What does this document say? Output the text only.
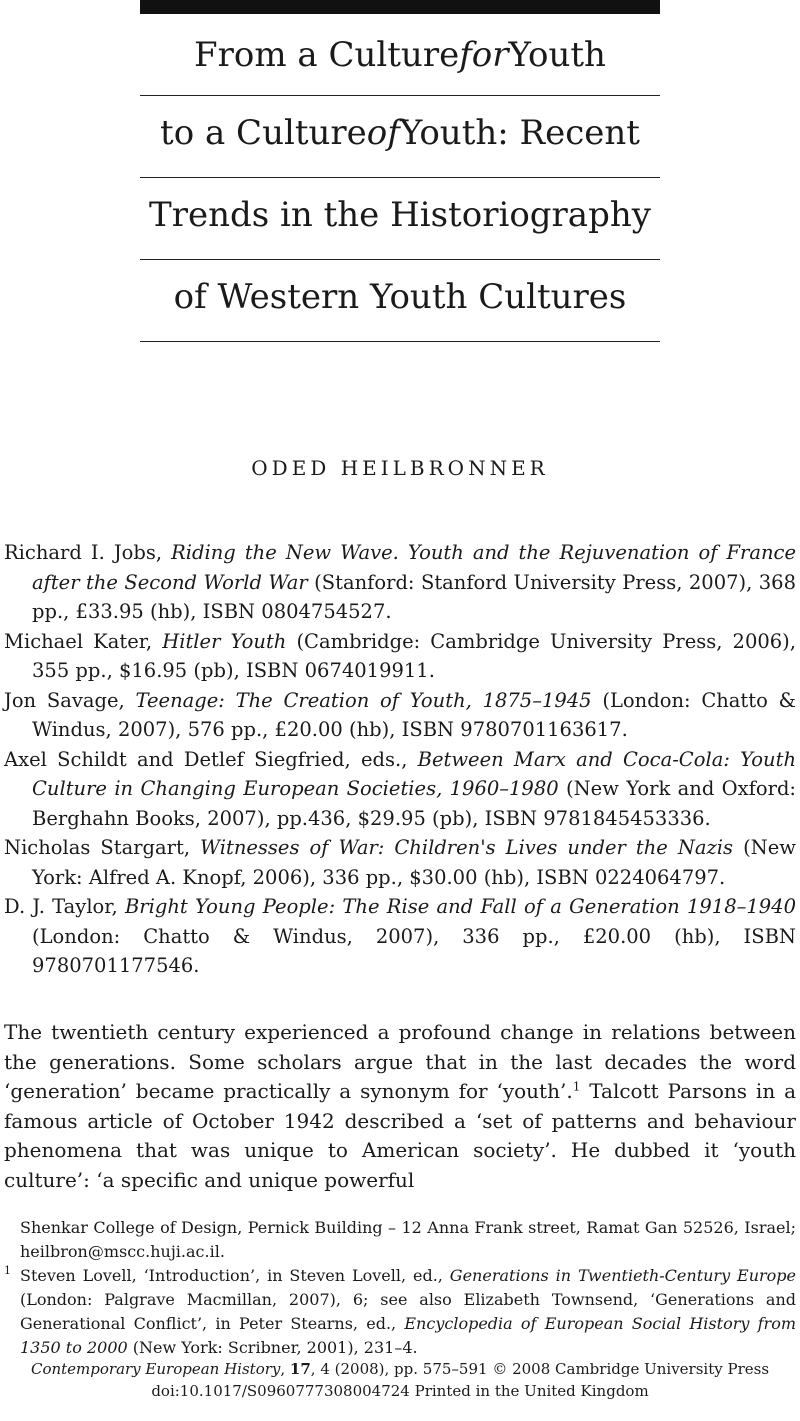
From a Culture for Youth
to a Culture of Youth: Recent
Trends in the Historiography
of Western Youth Cultures
ODED HEILBRONNER

Richard I. Jobs, Riding the New Wave. Youth and the Rejuvenation of France after the Second World War (Stanford: Stanford University Press, 2007), 368 pp., £33.95 (hb), ISBN 0804754527.

Michael Kater, Hitler Youth (Cambridge: Cambridge University Press, 2006), 355 pp., $16.95 (pb), ISBN 0674019911.

Jon Savage, Teenage: The Creation of Youth, 1875–1945 (London: Chatto & Windus, 2007), 576 pp., £20.00 (hb), ISBN 9780701163617.

Axel Schildt and Detlef Siegfried, eds., Between Marx and Coca-Cola: Youth Culture in Changing European Societies, 1960–1980 (New York and Oxford: Berghahn Books, 2007), pp.436, $29.95 (pb), ISBN 9781845453336.

Nicholas Stargart, Witnesses of War: Children's Lives under the Nazis (New York: Alfred A. Knopf, 2006), 336 pp., $30.00 (hb), ISBN 0224064797.

D. J. Taylor, Bright Young People: The Rise and Fall of a Generation 1918–1940 (London: Chatto & Windus, 2007), 336 pp., £20.00 (hb), ISBN 9780701177546.

The twentieth century experienced a profound change in relations between the generations. Some scholars argue that in the last decades the word ‘generation’ became practically a synonym for ‘youth’.$^1$ Talcott Parsons in a famous article of October 1942 described a ‘set of patterns and behaviour phenomena that was unique to American society’. He dubbed it ‘youth culture’: ‘a specific and unique powerful

Shenkar College of Design, Pernick Building – 12 Anna Frank street, Ramat Gan 52526, Israel; heilbron@mscc.huji.ac.il.

1 Steven Lovell, ‘Introduction’, in Steven Lovell, ed., Generations in Twentieth-Century Europe (London: Palgrave Macmillan, 2007), 6; see also Elizabeth Townsend, ‘Generations and Generational Conflict’, in Peter Stearns, ed., Encyclopedia of European Social History from 1350 to 2000 (New York: Scribner, 2001), 231–4.

Contemporary European History, 17, 4 (2008), pp. 575–591 © 2008 Cambridge University Press
doi:10.1017/S0960777308004724 Printed in the United Kingdom
